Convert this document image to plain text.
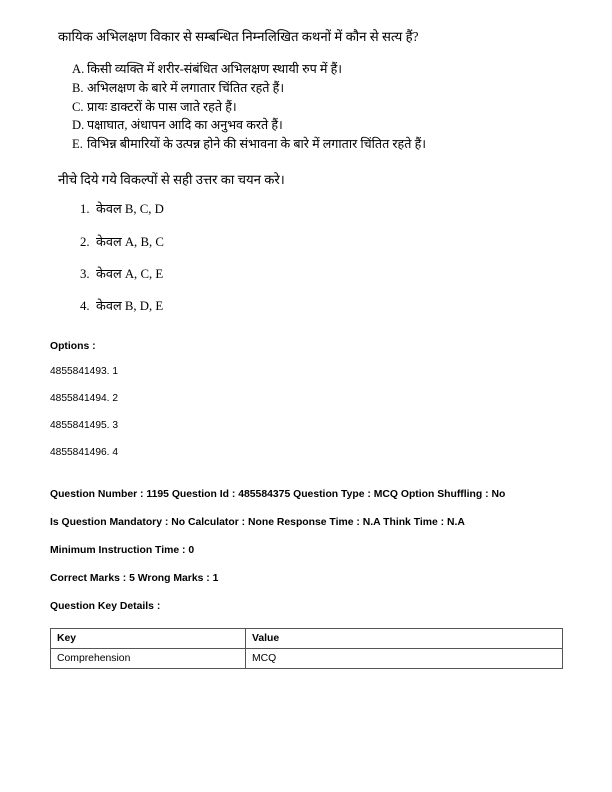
कायिक अभिलक्षण विकार से सम्बन्धित निम्नलिखित कथनों में कौन से सत्य हैं?
A. किसी व्यक्ति में शरीर-संबंधित अभिलक्षण स्थायी रुप में हैं।
B. अभिलक्षण के बारे में लगातार चिंतित रहते हैं।
C. प्रायः डाक्टरों के पास जाते रहते हैं।
D. पक्षाघात, अंधापन आदि का अनुभव करते हैं।
E. विभिन्न बीमारियों के उत्पन्न होने की संभावना के बारे में लगातार चिंतित रहते हैं।
नीचे दिये गये विकल्पों से सही उत्तर का चयन करे।
1. केवल B, C, D
2. केवल A, B, C
3. केवल A, C, E
4. केवल B, D, E
Options :
4855841493. 1
4855841494. 2
4855841495. 3
4855841496. 4
Question Number : 1195 Question Id : 485584375 Question Type : MCQ Option Shuffling : No
Is Question Mandatory : No Calculator : None Response Time : N.A Think Time : N.A
Minimum Instruction Time : 0
Correct Marks : 5 Wrong Marks : 1
Question Key Details :
Key	Value
Comprehension	MCQ
